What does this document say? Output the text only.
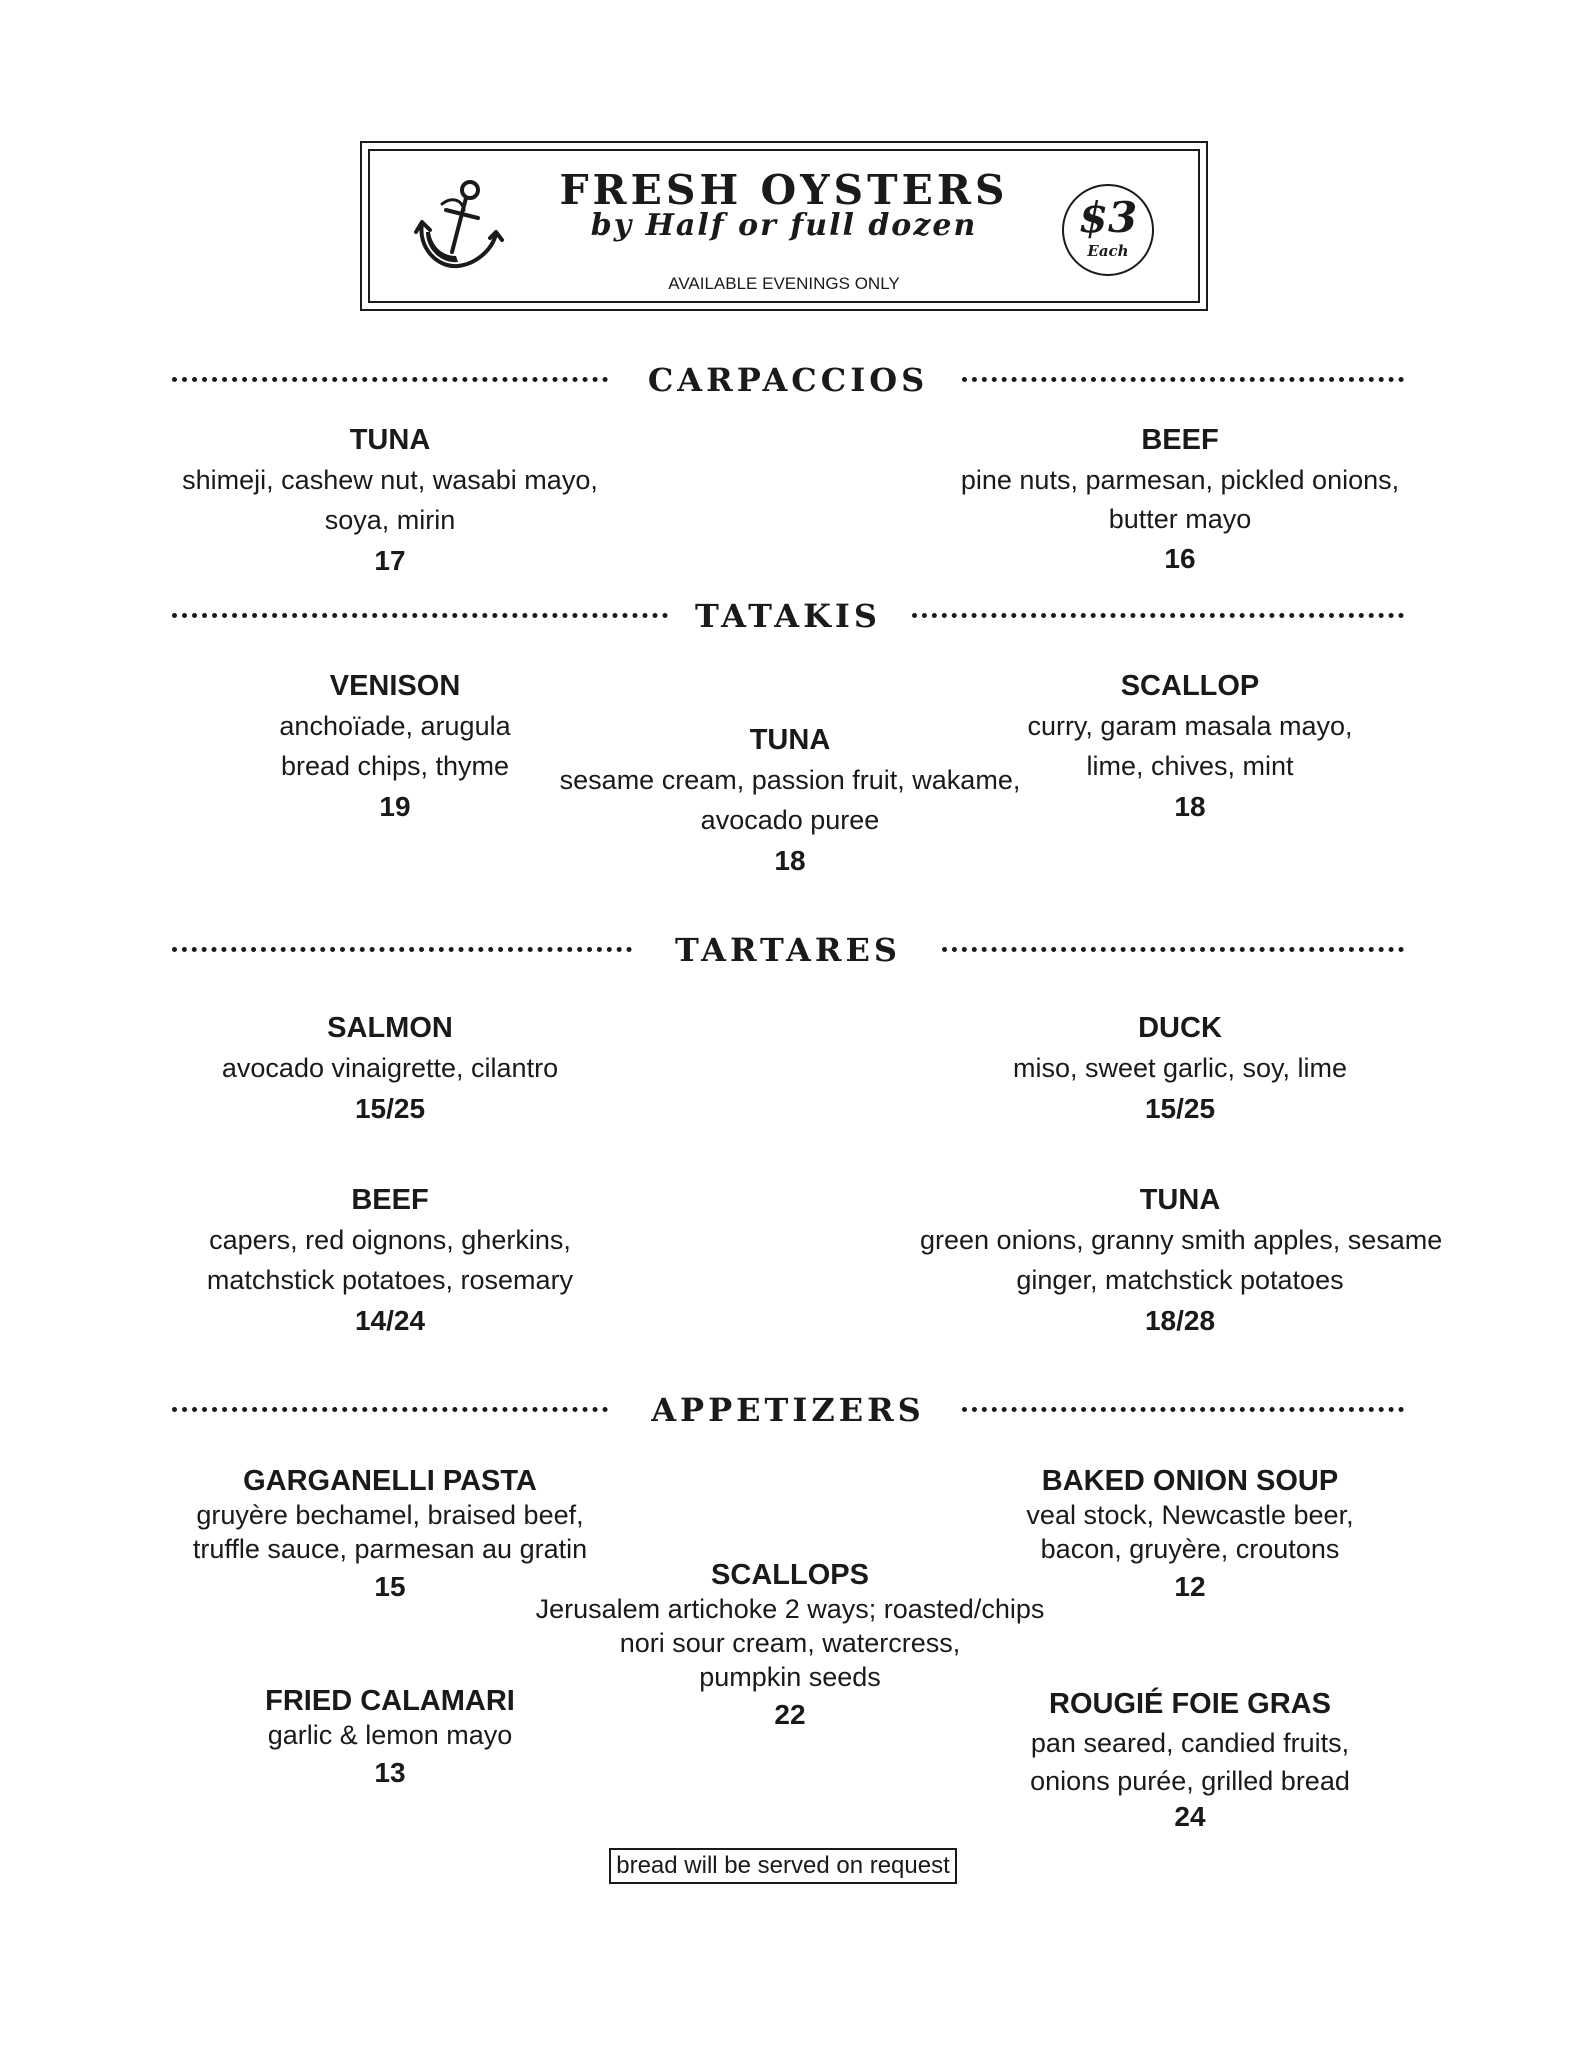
FRESH OYSTERS
by Half or full dozen
AVAILABLE EVENINGS ONLY
$3
Each
CARPACCIOS
TUNA
shimeji, cashew nut, wasabi mayo,
soya, mirin
17
BEEF
pine nuts, parmesan, pickled onions,
butter mayo
16
TATAKIS
VENISON
anchoïade, arugula
bread chips, thyme
19
TUNA
sesame cream, passion fruit, wakame,
avocado puree
18
SCALLOP
curry, garam masala mayo,
lime, chives, mint
18
TARTARES
SALMON
avocado vinaigrette, cilantro
15/25
DUCK
miso, sweet garlic, soy, lime
15/25
BEEF
capers, red oignons, gherkins,
matchstick potatoes, rosemary
14/24
TUNA
green onions, granny smith apples, sesame
ginger, matchstick potatoes
18/28
APPETIZERS
GARGANELLI PASTA
gruyère bechamel, braised beef,
truffle sauce, parmesan au gratin
15
BAKED ONION SOUP
veal stock, Newcastle beer,
bacon, gruyère, croutons
12
SCALLOPS
Jerusalem artichoke 2 ways; roasted/chips
nori sour cream, watercress,
pumpkin seeds
22
FRIED CALAMARI
garlic & lemon mayo
13
ROUGIÉ FOIE GRAS
pan seared, candied fruits,
onions purée, grilled bread
24
bread will be served on request
